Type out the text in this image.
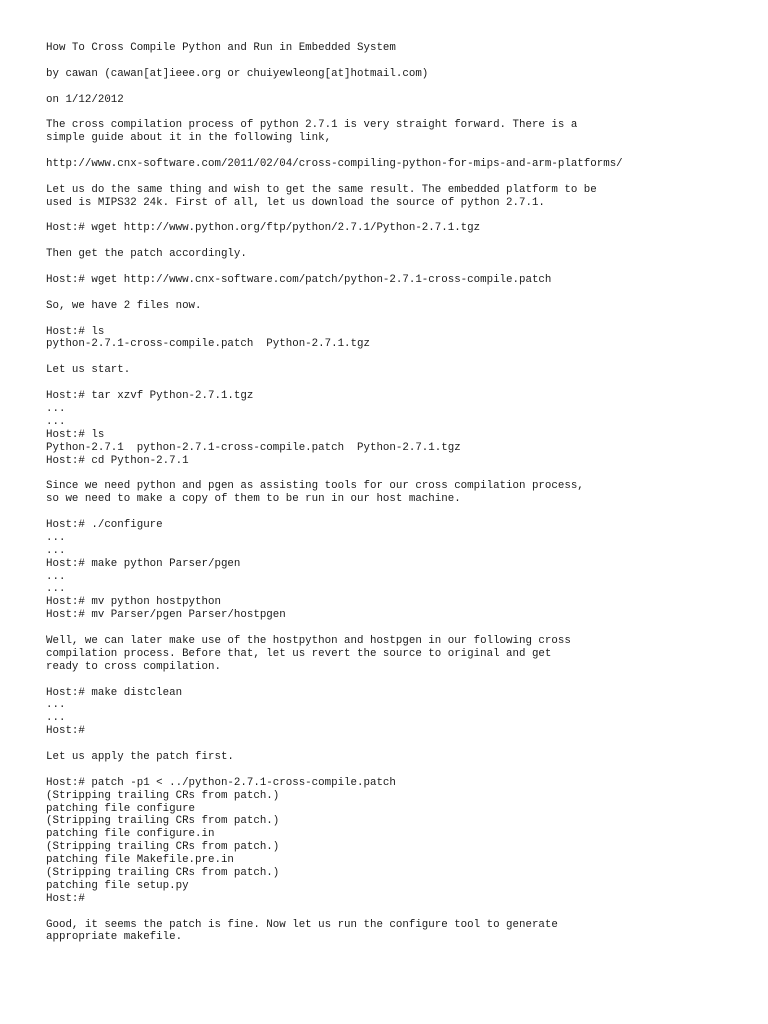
How To Cross Compile Python and Run in Embedded System
by cawan (cawan[at]ieee.org or chuiyewleong[at]hotmail.com)
on 1/12/2012
The cross compilation process of python 2.7.1 is very straight forward. There is a
simple guide about it in the following link,
http://www.cnx-software.com/2011/02/04/cross-compiling-python-for-mips-and-arm-platforms/
Let us do the same thing and wish to get the same result. The embedded platform to be
used is MIPS32 24k. First of all, let us download the source of python 2.7.1.
Host:# wget http://www.python.org/ftp/python/2.7.1/Python-2.7.1.tgz
Then get the patch accordingly.
Host:# wget http://www.cnx-software.com/patch/python-2.7.1-cross-compile.patch
So, we have 2 files now.
Host:# ls
python-2.7.1-cross-compile.patch  Python-2.7.1.tgz
Let us start.
Host:# tar xzvf Python-2.7.1.tgz
...
...
Host:# ls
Python-2.7.1  python-2.7.1-cross-compile.patch  Python-2.7.1.tgz
Host:# cd Python-2.7.1
Since we need python and pgen as assisting tools for our cross compilation process,
so we need to make a copy of them to be run in our host machine.
Host:# ./configure
...
...
Host:# make python Parser/pgen
...
...
Host:# mv python hostpython
Host:# mv Parser/pgen Parser/hostpgen
Well, we can later make use of the hostpython and hostpgen in our following cross
compilation process. Before that, let us revert the source to original and get
ready to cross compilation.
Host:# make distclean
...
...
Host:#
Let us apply the patch first.
Host:# patch -p1 < ../python-2.7.1-cross-compile.patch
(Stripping trailing CRs from patch.)
patching file configure
(Stripping trailing CRs from patch.)
patching file configure.in
(Stripping trailing CRs from patch.)
patching file Makefile.pre.in
(Stripping trailing CRs from patch.)
patching file setup.py
Host:#
Good, it seems the patch is fine. Now let us run the configure tool to generate
appropriate makefile.
